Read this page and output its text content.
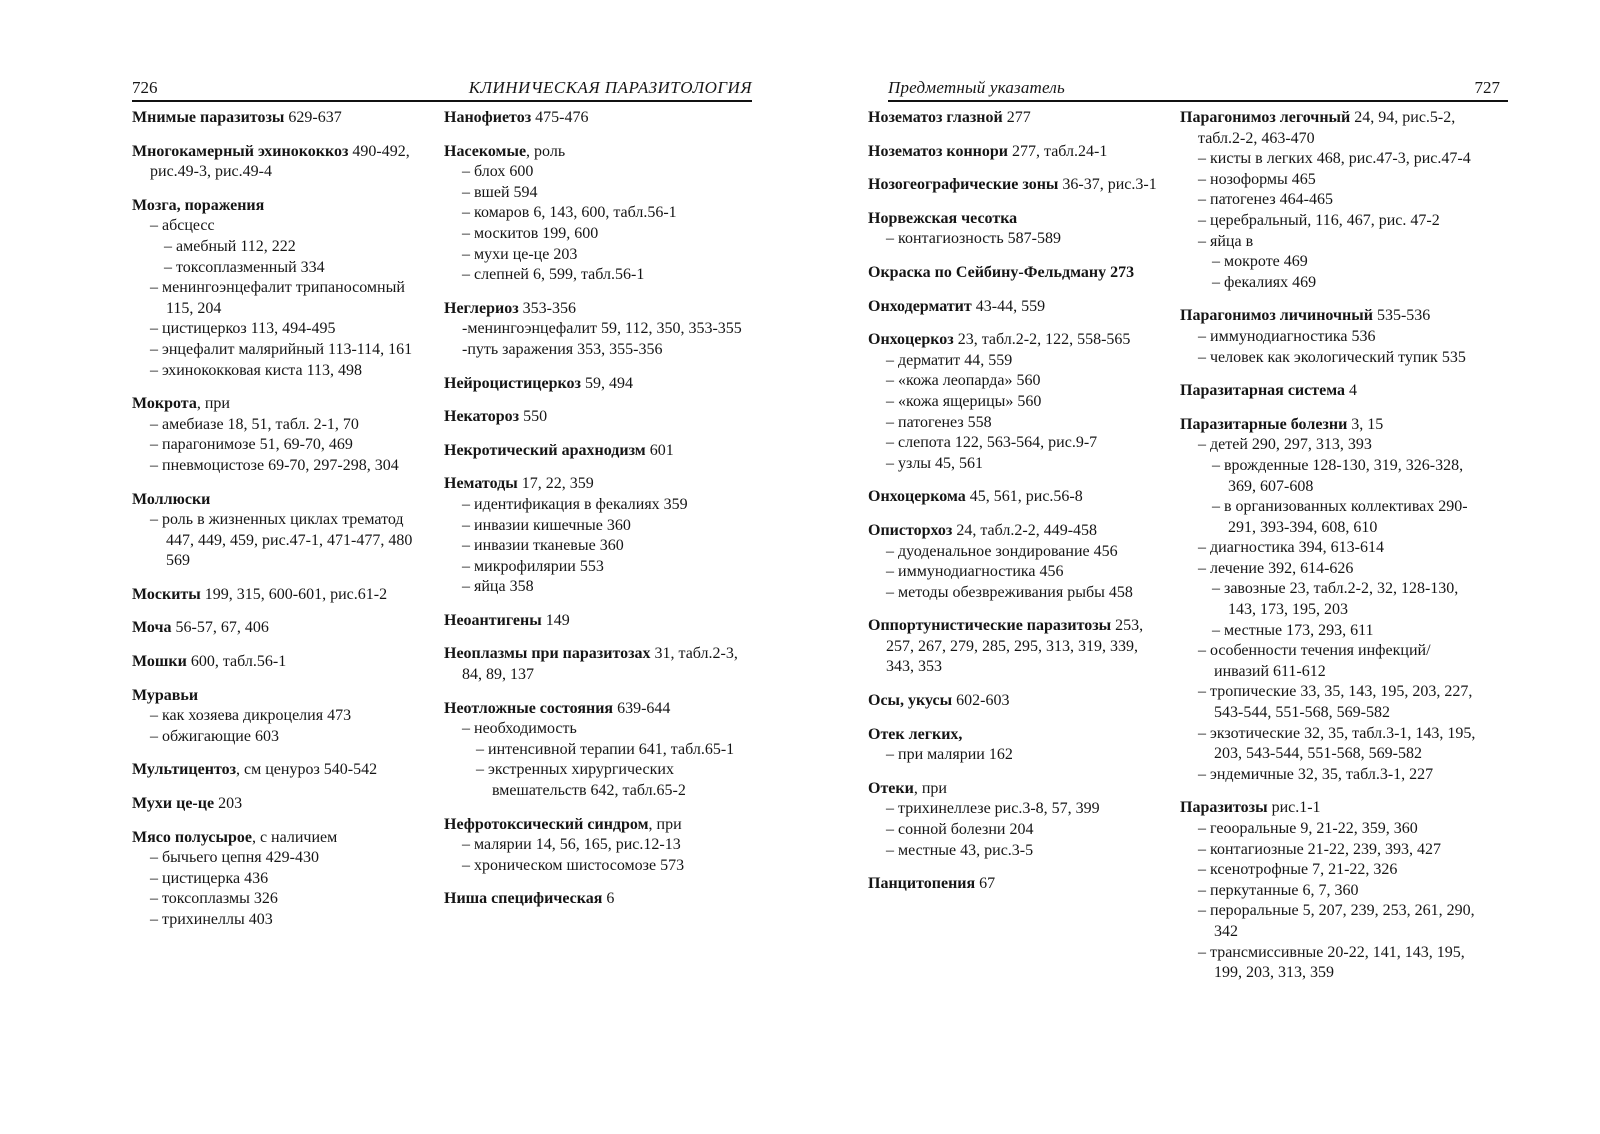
726	КЛИНИЧЕСКАЯ ПАРАЗИТОЛОГИЯ
Мнимые паразитозы 629-637
Многокамерный эхинококкоз 490-492, рис.49-3, рис.49-4
Мозга, поражения
– абсцесс
– амебный 112, 222
– токсоплазменный 334
– менингоэнцефалит трипаносомный 115, 204
– цистицеркоз 113, 494-495
– энцефалит малярийный 113-114, 161
– эхинококковая киста 113, 498
Мокрота, при
– амебиазе 18, 51, табл. 2-1, 70
– парагонимозе 51, 69-70, 469
– пневмоцистозе 69-70, 297-298, 304
Моллюски
– роль в жизненных циклах трематод 447, 449, 459, рис.47-1, 471-477, 480 569
Москиты 199, 315, 600-601, рис.61-2
Моча 56-57, 67, 406
Мошки 600, табл.56-1
Муравьи
– как хозяева дикроцелия 473
– обжигающие 603
Мультицентоз, см ценуроз 540-542
Мухи це-це 203
Мясо полусырое, с наличием
– бычьего цепня 429-430
– цистицерка 436
– токсоплазмы 326
– трихинеллы 403
Нанофиетоз 475-476
Насекомые, роль
– блох 600
– вшей 594
– комаров 6, 143, 600, табл.56-1
– москитов 199, 600
– мухи це-це 203
– слепней 6, 599, табл.56-1
Неглериоз 353-356
-менингоэнцефалит 59, 112, 350, 353-355
-путь заражения 353, 355-356
Нейроцистицеркоз 59, 494
Некатороз 550
Некротический арахнодизм 601
Нематоды 17, 22, 359
– идентификация в фекалиях 359
– инвазии кишечные 360
– инвазии тканевые 360
– микрофилярии 553
– яйца 358
Неоантигены 149
Неоплазмы при паразитозах 31, табл.2-3, 84, 89, 137
Неотложные состояния 639-644
– необходимость
– интенсивной терапии 641, табл.65-1
– экстренных хирургических вмешательств 642, табл.65-2
Нефротоксический синдром, при
– малярии 14, 56, 165, рис.12-13
– хроническом шистосомозе 573
Ниша специфическая 6
Предметный указатель	727
Нозематоз глазной 277
Нозематоз коннори 277, табл.24-1
Нозогеографические зоны 36-37, рис.3-1
Норвежская чесотка
– контагиозность 587-589
Окраска по Сейбину-Фельдману 273
Онходерматит 43-44, 559
Онхоцеркоз 23, табл.2-2, 122, 558-565
– дерматит 44, 559
– «кожа леопарда» 560
– «кожа ящерицы» 560
– патогенез 558
– слепота 122, 563-564, рис.9-7
– узлы 45, 561
Онхоцеркома 45, 561, рис.56-8
Описторхоз 24, табл.2-2, 449-458
– дуоденальное зондирование 456
– иммунодиагностика 456
– методы обезвреживания рыбы 458
Оппортунистические паразитозы 253, 257, 267, 279, 285, 295, 313, 319, 339, 343, 353
Осы, укусы 602-603
Отек легких,
– при малярии 162
Отеки, при
– трихинеллезе рис.3-8, 57, 399
– сонной болезни 204
– местные 43, рис.3-5
Панцитопения 67
Парагонимоз легочный 24, 94, рис.5-2, табл.2-2, 463-470
– кисты в легких 468, рис.47-3, рис.47-4
– нозоформы 465
– патогенез 464-465
– церебральный, 116, 467, рис. 47-2
– яйца в
– мокроте 469
– фекалиях 469
Парагонимоз личиночный 535-536
– иммунодиагностика 536
– человек как экологический тупик 535
Паразитарная система 4
Паразитарные болезни 3, 15
– детей 290, 297, 313, 393
– врожденные 128-130, 319, 326-328, 369, 607-608
– в организованных коллективах 290-291, 393-394, 608, 610
– диагностика 394, 613-614
– лечение 392, 614-626
– завозные 23, табл.2-2, 32, 128-130, 143, 173, 195, 203
– местные 173, 293, 611
– особенности течения инфекций/инвазий 611-612
– тропические 33, 35, 143, 195, 203, 227, 543-544, 551-568, 569-582
– экзотические 32, 35, табл.3-1, 143, 195, 203, 543-544, 551-568, 569-582
– эндемичные 32, 35, табл.3-1, 227
Паразитозы рис.1-1
– геооральные 9, 21-22, 359, 360
– контагиозные 21-22, 239, 393, 427
– ксенотрофные 7, 21-22, 326
– перкутанные 6, 7, 360
– пероральные 5, 207, 239, 253, 261, 290, 342
– трансмиссивные 20-22, 141, 143, 195, 199, 203, 313, 359
